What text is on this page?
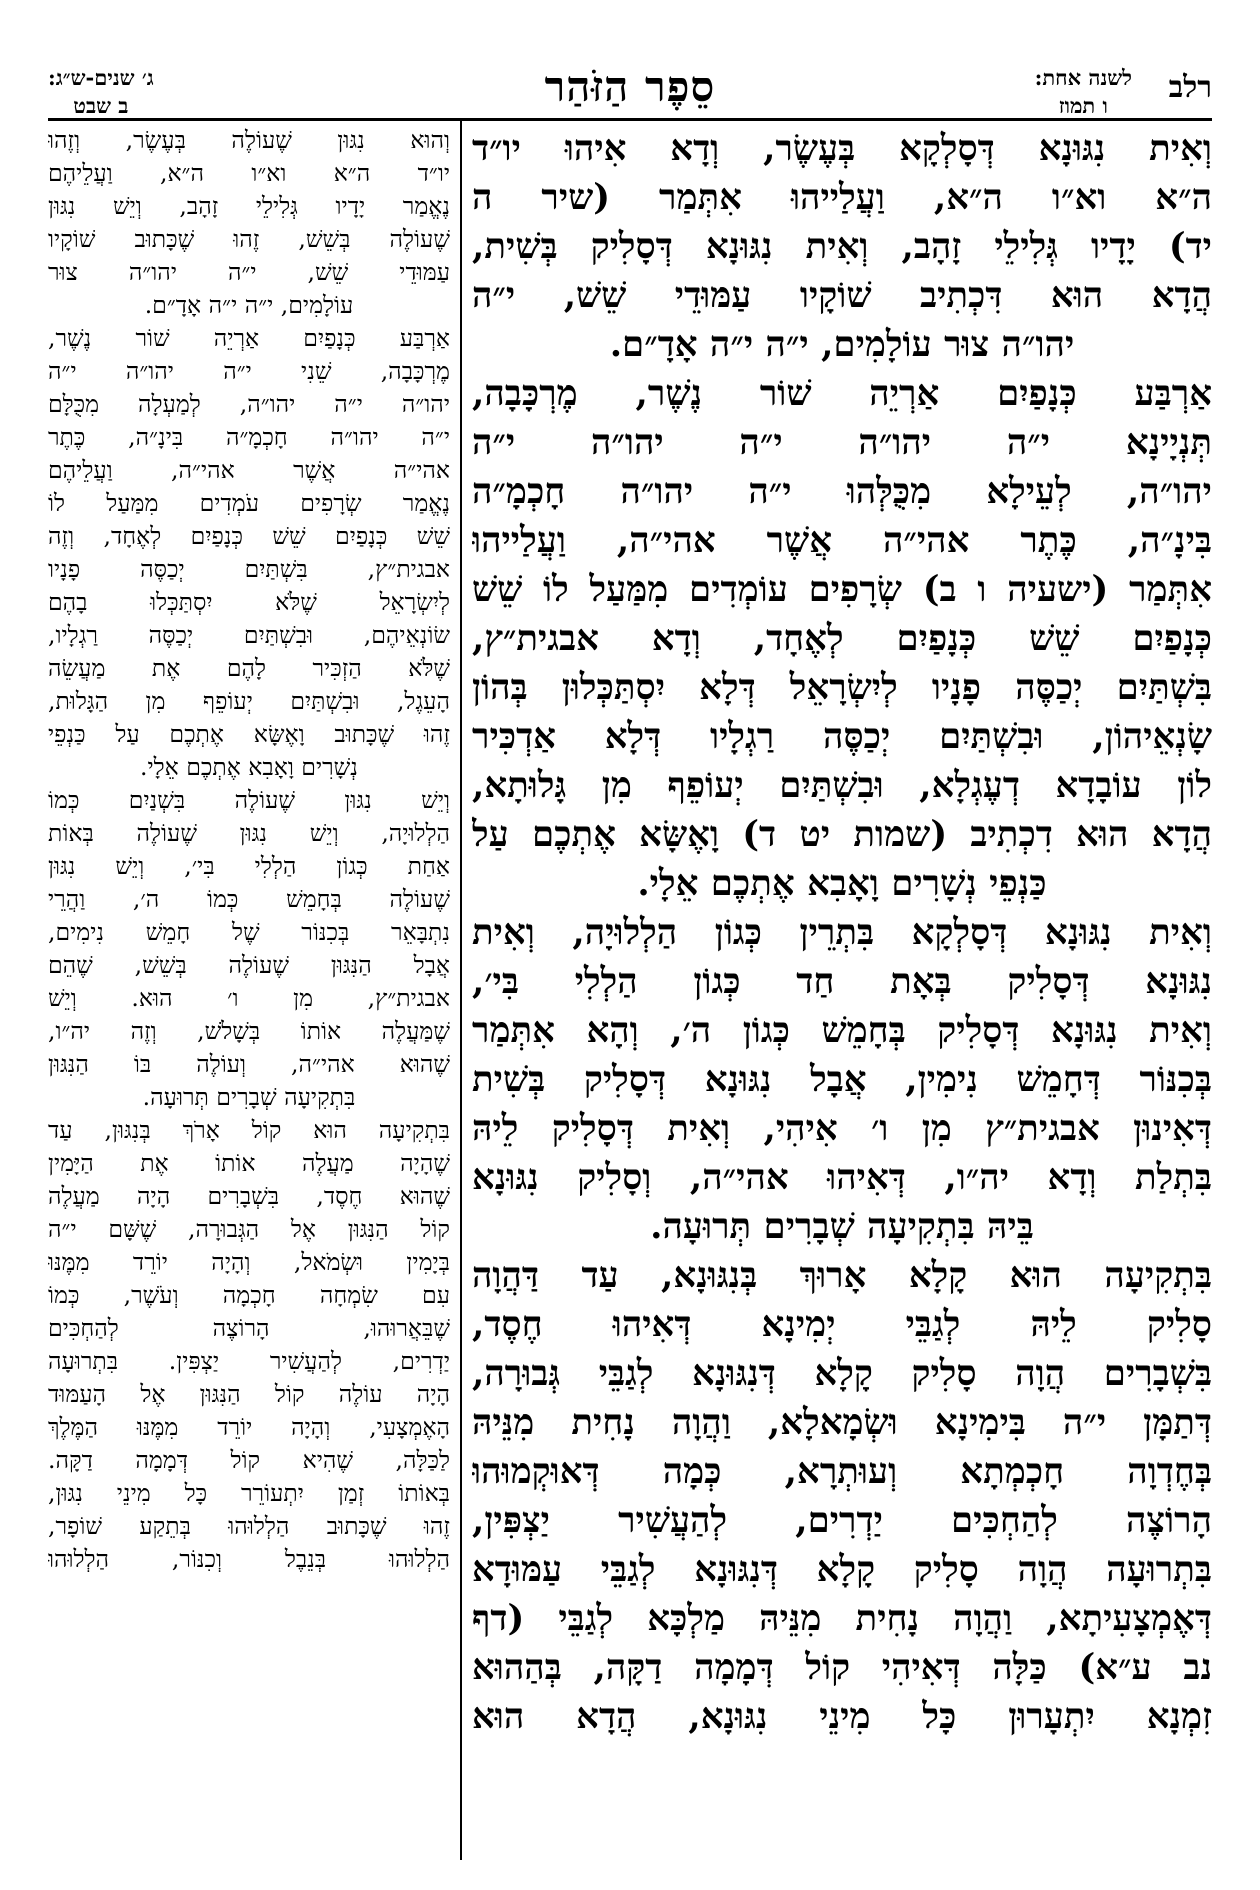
רלב
לשנה אחת:
ו תמוז
סֵפֶר הַזֹּהַר
ג׳ שנים-ש״ג:
ב שבט
וְאִית נִגּוּנָא דְּסָלְקָא בְּעֶשֶׂר, וְדָא אִיהוּ יו״ד
ה״א וא״ו ה״א, וַעֲלַייהוּ אִתְּמַר (שיר ה
יד) יָדָיו גְּלִילֵי זָהָב, וְאִית נִגּוּנָא דְּסָלִיק בְּשִׁית,
הֲדָא הוּא דִּכְתִיב שׁוֹקָיו עַמּוּדֵי שֵׁשׁ, י״ה
יהו״ה צוּר עוֹלָמִים, י״ה י״ה אָדָ״ם.
אַרְבַּע כְּנָפַיִם אַרְיֵה שׁוֹר נֶשֶׁר, מֶרְכָּבָה,
תְּנְיָינָא י״ה יהו״ה י״ה יהו״ה י״ה
יהו״ה, לְעֵילָא מִכֻּלְּהוּ י״ה יהו״ה חָכְמָ״ה
בִּינָ״ה, כֶּתֶר אהי״ה אֲשֶׁר אהי״ה, וַעֲלַייהוּ
אִתְּמַר (ישעיה ו ב) שְׂרָפִים עוֹמְדִים מִמַּעַל לוֹ שֵׁשׁ
כְּנָפַיִם שֵׁשׁ כְּנָפַיִם לְאֶחָד, וְדָא אבגית״ץ,
בִּשְׁתַּיִם יְכַסֶּה פָנָיו לְיִשְׂרָאֵל דְּלָא יִסְתַּכְּלוּן בְּהוֹן
שָׂנְאֵיהוֹן, וּבִשְׁתַּיִם יְכַסֶּה רַגְלָיו דְּלָא אַדְכִּיר
לוֹן עוֹבָדָא דְעֶגְלָא, וּבִשְׁתַּיִם יְעוֹפֵף מִן גָּלוּתָא,
הֲדָא הוּא דִכְתִיב (שמות יט ד) וָאֶשָּׂא אֶתְכֶם עַל
כַּנְפֵי נְשָׁרִים וָאָבִא אֶתְכֶם אֵלָי.
וְאִית נִגּוּנָא דְּסָלְקָא בִּתְרֵין כְּגוֹן הַלְלוּיָה, וְאִית
נִגּוּנָא דְּסָלִיק בְּאָת חַד כְּגוֹן הַלְלִי בִּי׳,
וְאִית נִגּוּנָא דְּסָלִיק בְּחָמֵשׁ כְּגוֹן ה׳, וְהָא אִתְּמַר
בְּכִנּוֹר דְּחָמֵשׁ נִימִין, אֲבָל נִגּוּנָא דְּסָלִיק בְּשִׁית
דְּאִינוּן אבגית״ץ מִן ו׳ אִיהִי, וְאִית דְּסָלִיק לֵיהּ
בִּתְלַת וְדָא יה״ו, דְּאִיהוּ אהי״ה, וְסָלִיק נִגּוּנָא
בֵּיהּ בִּתְקִיעָה שְׁבָרִים תְּרוּעָה.
בִּתְקִיעָה הוּא קָלָא אָרוּךְ בְּנִגּוּנָא, עַד דַּהֲוָה
סָלִיק לֵיהּ לְגַבֵּי יְמִינָא דְּאִיהוּ חֶסֶד,
בִּשְׁבָרִים הֲוָה סָלִיק קָלָא דְּנִגּוּנָא לְגַבֵּי גְּבוּרָה,
דְּתַמָּן י״ה בִּימִינָא וּשְׂמָאלָא, וַהֲוָה נָחִית מִנֵּיהּ
בְּחֶדְוָה חָכְמְתָא וְעוּתְרָא, כְּמָה דְּאוּקְמוּהוּ
הָרוֹצֶה לְהַחְכִּים יַדְרִים, לְהַעֲשִׁיר יַצְפִּין,
בִּתְרוּעָה הֲוָה סָלִיק קָלָא דְּנִגּוּנָא לְגַבֵּי עַמּוּדָא
דְּאֶמְצָעִיתָא, וַהֲוָה נָחִית מִנֵּיהּ מַלְכָּא לְגַבֵּי (דף
נב ע״א) כַּלָּה דְּאִיהִי קוֹל דְּמָמָה דַקָּה, בְּהַהוּא
זִמְנָא יִתְעָרוּן כָּל מִינֵי נִגּוּנָא, הֲדָא הוּא
וְהוּא נִגּוּן שֶׁעוֹלֶה בְּעֶשֶׂר, וְזֶהוּ
יו״ד ה״א וא״ו ה״א, וַעֲלֵיהֶם
נֶאֱמַר יָדָיו גְּלִילֵי זָהָב, וְיֵשׁ נִגּוּן
שֶׁעוֹלֶה בְּשֵׁשׁ, זֶהוּ שֶׁכָּתוּב שׁוֹקָיו
עַמּוּדֵי שֵׁשׁ, י״ה יהו״ה צוּר
עוֹלָמִים, י״ה י״ה אָדָ״ם.
אַרְבַּע כְּנָפַיִם אַרְיֵה שׁוֹר נֶשֶׁר,
מֶרְכָּבָה, שֵׁנִי י״ה יהו״ה י״ה
יהו״ה י״ה יהו״ה, לְמַעְלָה מִכֻּלָּם
י״ה יהו״ה חָכְמָ״ה בִּינָ״ה, כֶּתֶר
אהי״ה אֲשֶׁר אהי״ה, וַעֲלֵיהֶם
נֶאֱמַר שְׂרָפִים עֹמְדִים מִמַּעַל לוֹ
שֵׁשׁ כְּנָפַיִם שֵׁשׁ כְּנָפַיִם לְאֶחָד, וְזֶה
אבגית״ץ, בִּשְׁתַּיִם יְכַסֶּה פָנָיו
לְיִשְׂרָאֵל שֶׁלֹּא יִסְתַּכְּלוּ בָהֶם
שׂוֹנְאֵיהֶם, וּבִשְׁתַּיִם יְכַסֶּה רַגְלָיו,
שֶׁלֹּא הַזְכִּיר לָהֶם אֶת מַעֲשֵׂה
הָעֵגֶל, וּבִשְׁתַּיִם יְעוֹפֵף מִן הַגָּלוּת,
זֶהוּ שֶׁכָּתוּב וָאֶשָּׂא אֶתְכֶם עַל כַּנְפֵי
נְשָׁרִים וָאָבִא אֶתְכֶם אֵלָי.
וְיֵשׁ נִגּוּן שֶׁעוֹלֶה בִּשְׁנַיִם כְּמוֹ
הַלְלוּיָה, וְיֵשׁ נִגּוּן שֶׁעוֹלֶה בְּאוֹת
אַחַת כְּגוֹן הַלְלִי בִּי׳, וְיֵשׁ נִגּוּן
שֶׁעוֹלֶה בְּחָמֵשׁ כְּמוֹ ה׳, וַהֲרֵי
נִתְבָּאֵר בְּכִנּוֹר שֶׁל חָמֵשׁ נִימִים,
אֲבָל הַנִּגּוּן שֶׁעוֹלֶה בְּשֵׁשׁ, שֶׁהֵם
אבגית״ץ, מִן ו׳ הוּא. וְיֵשׁ
שֶׁמַּעֲלֶה אוֹתוֹ בְּשָׁלֹשׁ, וְזֶה יה״ו,
שֶׁהוּא אהי״ה, וְעוֹלֶה בּוֹ הַנִּגּוּן
בִּתְקִיעָה שְׁבָרִים תְּרוּעָה.
בִּתְקִיעָה הוּא קוֹל אָרֹךְ בְּנִגּוּן, עַד
שֶׁהָיָה מַעֲלֶה אוֹתוֹ אֶת הַיָּמִין
שֶׁהוּא חֶסֶד, בִּשְׁבָרִים הָיָה מַעֲלֶה
קוֹל הַנִּגּוּן אֶל הַגְּבוּרָה, שֶׁשָּׁם י״ה
בְּיָמִין וּשְׂמֹאל, וְהָיָה יוֹרֵד מִמֶּנּוּ
עִם שִׂמְחָה חָכְמָה וְעֹשֶׁר, כְּמוֹ
שֶׁבֵּאֲרוּהוּ, הָרוֹצֶה לְהַחְכִּים
יַדְרִים, לְהַעֲשִׁיר יַצְפִּין. בִּתְרוּעָה
הָיָה עוֹלֶה קוֹל הַנִּגּוּן אֶל הָעַמּוּד
הָאֶמְצָעִי, וְהָיָה יוֹרֵד מִמֶּנּוּ הַמֶּלֶךְ
לַכַּלָּה, שֶׁהִיא קוֹל דְּמָמָה דַקָּה.
בְּאוֹתוֹ זְמַן יִתְעוֹרֵר כָּל מִינֵי נִגּוּן,
זֶהוּ שֶׁכָּתוּב הַלְלוּהוּ בְּתֵקַע שׁוֹפָר,
הַלְלוּהוּ בְּנֵבֶל וְכִנּוֹר, הַלְלוּהוּ
